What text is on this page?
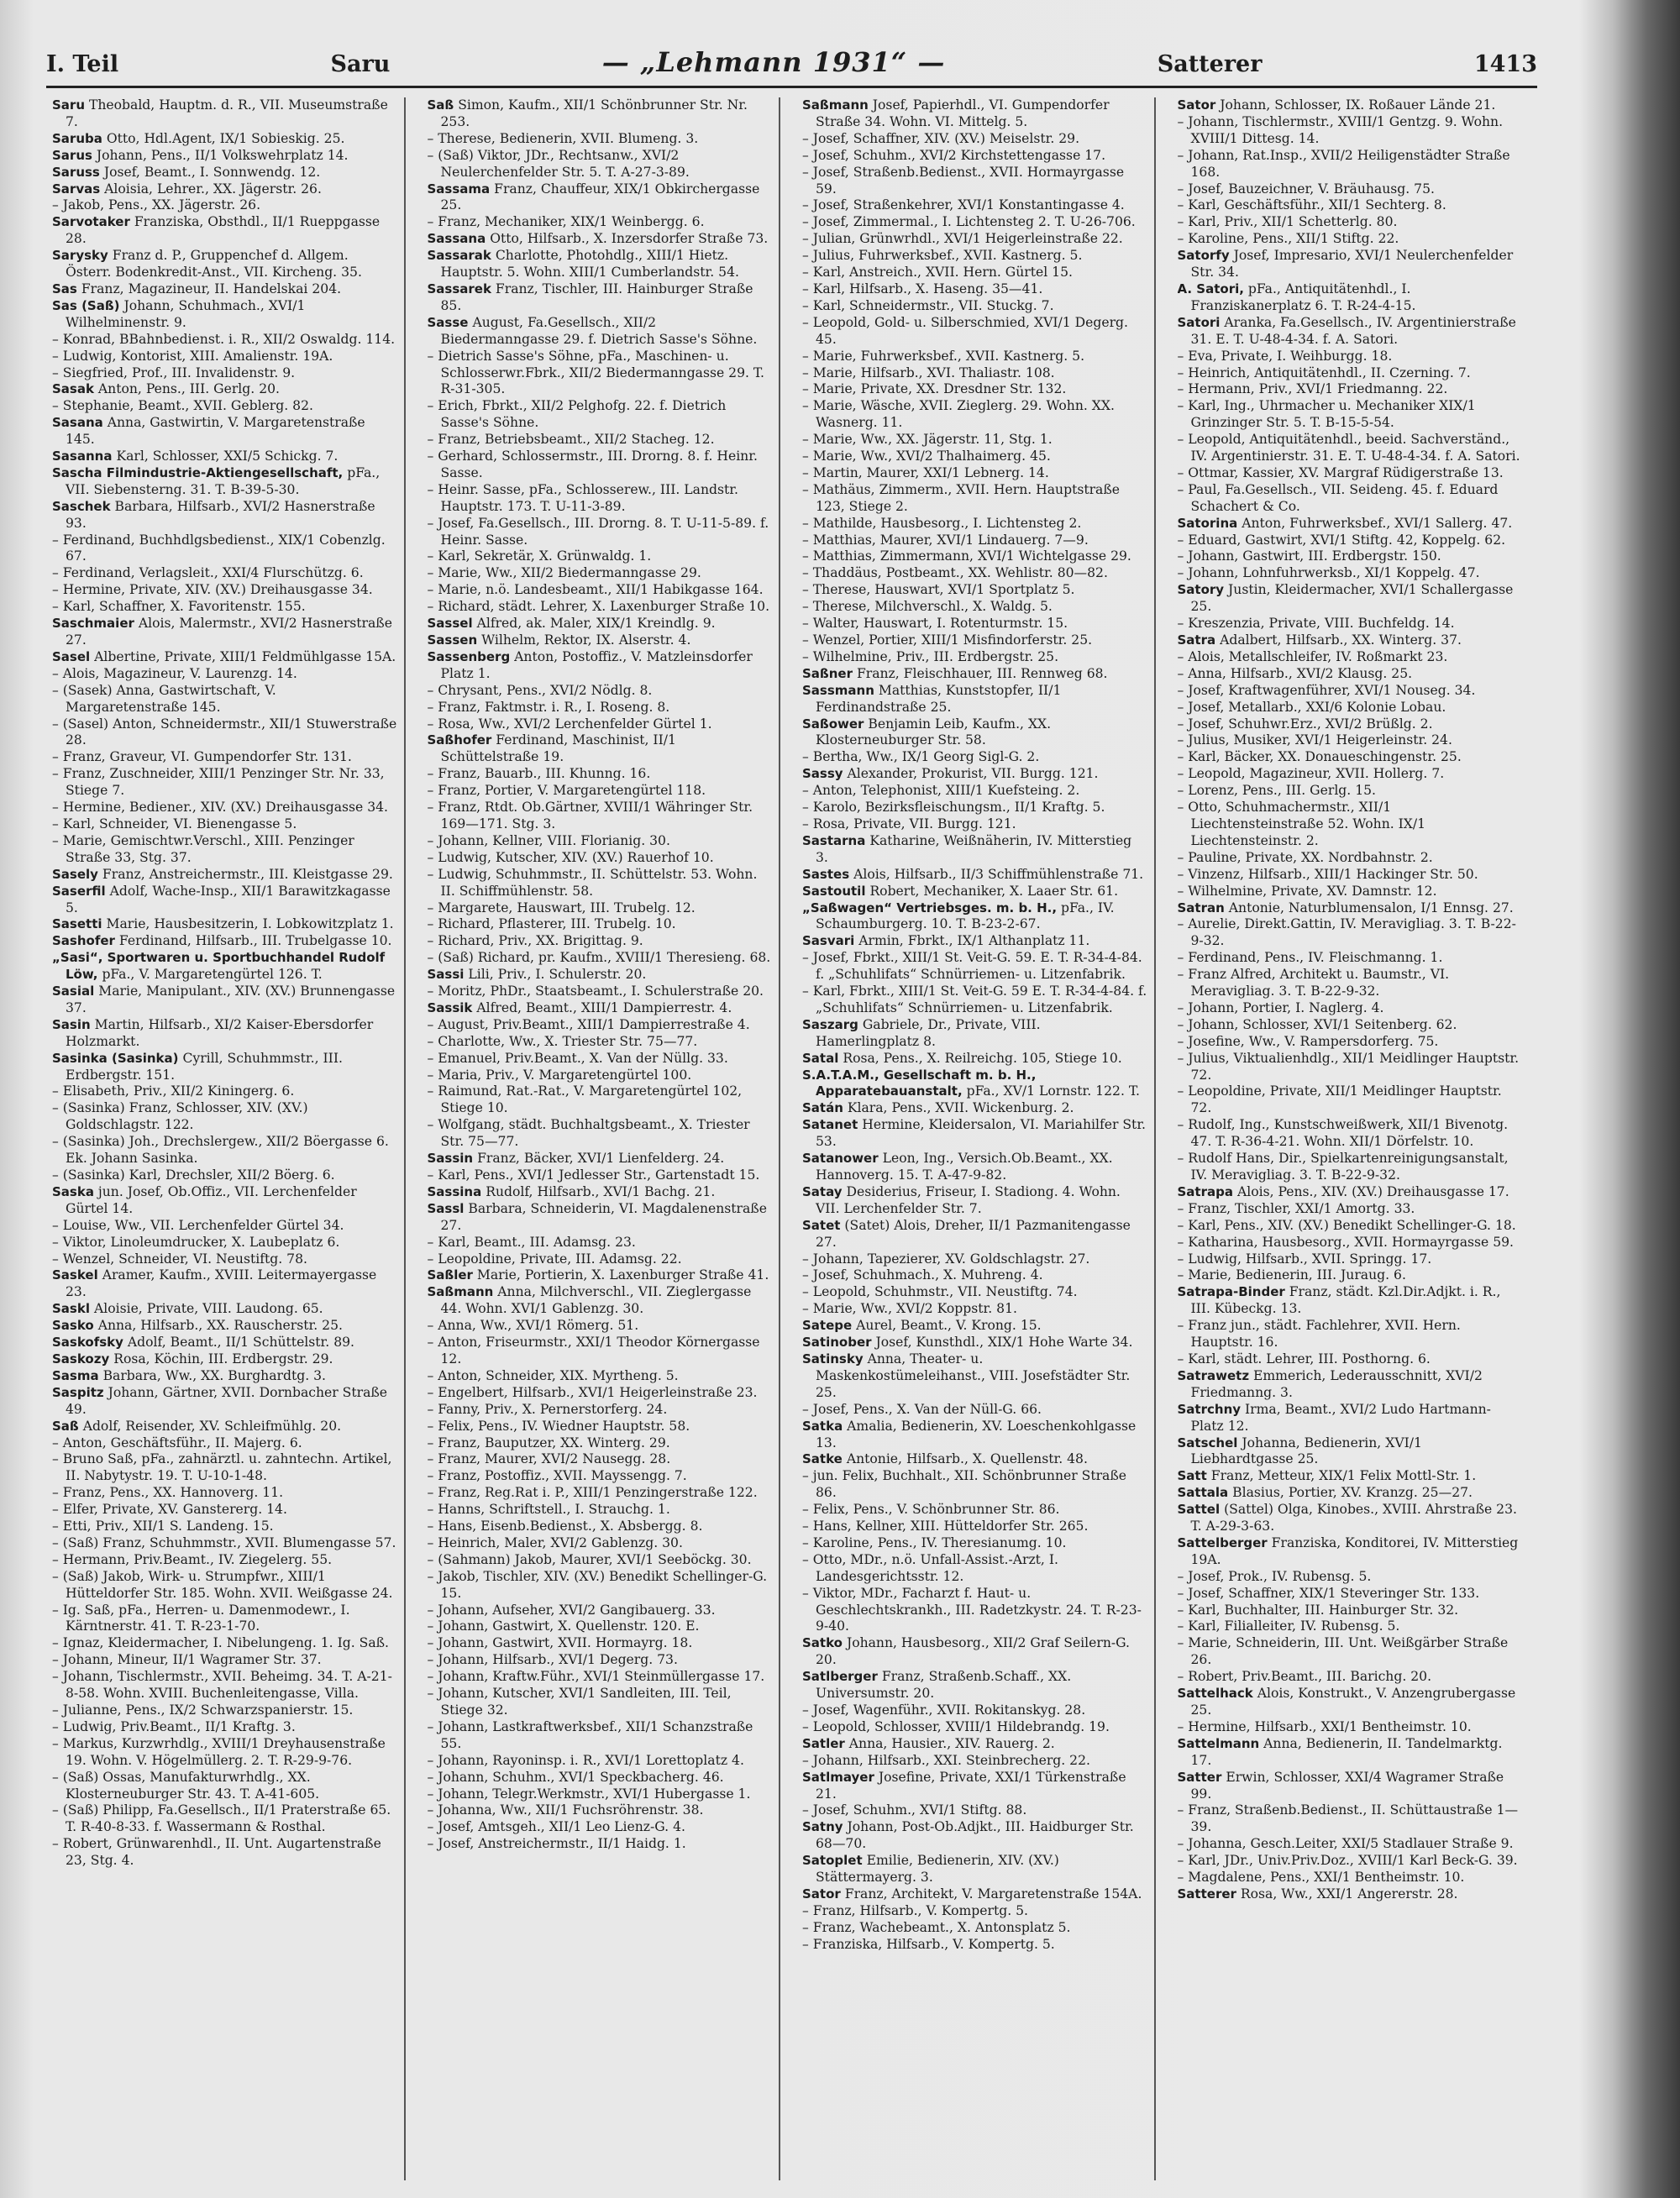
I. Teil	Saru	— „Lehmann 1931“ —	Satterer	1413

Saru Theobald, Hauptm. d. R., VII. Museumstraße 7.

Saruba Otto, Hdl.Agent, IX/1 Sobieskig. 25.

Sarus Johann, Pens., II/1 Volkswehrplatz 14.

Saruss Josef, Beamt., I. Sonnwendg. 12.

Sarvas Aloisia, Lehrer., XX. Jägerstr. 26.

– Jakob, Pens., XX. Jägerstr. 26.

Sarvotaker Franziska, Obsthdl., II/1 Rueppgasse 28.

Sarysky Franz d. P., Gruppenchef d. Allgem. Österr. Bodenkredit-Anst., VII. Kircheng. 35.

Sas Franz, Magazineur, II. Handelskai 204.

Sas (Saß) Johann, Schuhmach., XVI/1 Wilhelminenstr. 9.

– Konrad, BBahnbedienst. i. R., XII/2 Oswaldg. 114.

– Ludwig, Kontorist, XIII. Amalienstr. 19A.

– Siegfried, Prof., III. Invalidenstr. 9.

Sasak Anton, Pens., III. Gerlg. 20.

– Stephanie, Beamt., XVII. Geblerg. 82.

Sasana Anna, Gastwirtin, V. Margaretenstraße 145.

Sasanna Karl, Schlosser, XXI/5 Schickg. 7.

Sascha Filmindustrie-Aktiengesellschaft, pFa., VII. Siebensterng. 31. T. B-39-5-30.

Saschek Barbara, Hilfsarb., XVI/2 Hasnerstraße 93.

– Ferdinand, Buchhdlgsbedienst., XIX/1 Cobenzlg. 67.

– Ferdinand, Verlagsleit., XXI/4 Flurschützg. 6.

– Hermine, Private, XIV. (XV.) Dreihausgasse 34.

– Karl, Schaffner, X. Favoritenstr. 155.

Saschmaier Alois, Malermstr., XVI/2 Hasnerstraße 27.

Sasel Albertine, Private, XIII/1 Feldmühlgasse 15A.

– Alois, Magazineur, V. Laurenzg. 14.

– (Sasek) Anna, Gastwirtschaft, V. Margaretenstraße 145.

– (Sasel) Anton, Schneidermstr., XII/1 Stuwerstraße 28.

– Franz, Graveur, VI. Gumpendorfer Str. 131.

– Franz, Zuschneider, XIII/1 Penzinger Str. Nr. 33, Stiege 7.

– Hermine, Bediener., XIV. (XV.) Dreihausgasse 34.

– Karl, Schneider, VI. Bienengasse 5.

– Marie, Gemischtwr.Verschl., XIII. Penzinger Straße 33, Stg. 37.

Sasely Franz, Anstreichermstr., III. Kleistgasse 29.

Saserfil Adolf, Wache-Insp., XII/1 Barawitzkagasse 5.

Sasetti Marie, Hausbesitzerin, I. Lobkowitzplatz 1.

Sashofer Ferdinand, Hilfsarb., III. Trubelgasse 10.

„Sasi“, Sportwaren u. Sportbuchhandel Rudolf Löw, pFa., V. Margaretengürtel 126. T.

Sasial Marie, Manipulant., XIV. (XV.) Brunnengasse 37.

Sasin Martin, Hilfsarb., XI/2 Kaiser-Ebersdorfer Holzmarkt.

Sasinka (Sasinka) Cyrill, Schuhmmstr., III. Erdbergstr. 151.

– Elisabeth, Priv., XII/2 Kiningerg. 6.

– (Sasinka) Franz, Schlosser, XIV. (XV.) Goldschlagstr. 122.

– (Sasinka) Joh., Drechslergew., XII/2 Böergasse 6. Ek. Johann Sasinka.

– (Sasinka) Karl, Drechsler, XII/2 Böerg. 6.

Saska jun. Josef, Ob.Offiz., VII. Lerchenfelder Gürtel 14.

– Louise, Ww., VII. Lerchenfelder Gürtel 34.

– Viktor, Linoleumdrucker, X. Laubeplatz 6.

– Wenzel, Schneider, VI. Neustiftg. 78.

Saskel Aramer, Kaufm., XVIII. Leitermayergasse 23.

Saskl Aloisie, Private, VIII. Laudong. 65.

Sasko Anna, Hilfsarb., XX. Rauscherstr. 25.

Saskofsky Adolf, Beamt., II/1 Schüttelstr. 89.

Saskozy Rosa, Köchin, III. Erdbergstr. 29.

Sasma Barbara, Ww., XX. Burghardtg. 3.

Saspitz Johann, Gärtner, XVII. Dornbacher Straße 49.

Saß Adolf, Reisender, XV. Schleifmühlg. 20.

– Anton, Geschäftsführ., II. Majerg. 6.

– Bruno Saß, pFa., zahnärztl. u. zahntechn. Artikel, II. Nabytystr. 19. T. U-10-1-48.

– Franz, Pens., XX. Hannoverg. 11.

– Elfer, Private, XV. Ganstererg. 14.

– Etti, Priv., XII/1 S. Landeng. 15.

– (Saß) Franz, Schuhmmstr., XVII. Blumengasse 57.

– Hermann, Priv.Beamt., IV. Ziegelerg. 55.

– (Saß) Jakob, Wirk- u. Strumpfwr., XIII/1 Hütteldorfer Str. 185. Wohn. XVII. Weißgasse 24.

– Ig. Saß, pFa., Herren- u. Damenmodewr., I. Kärntnerstr. 41. T. R-23-1-70.

– Ignaz, Kleidermacher, I. Nibelungeng. 1. Ig. Saß.

– Johann, Mineur, II/1 Wagramer Str. 37.

– Johann, Tischlermstr., XVII. Beheimg. 34. T. A-21-8-58. Wohn. XVIII. Buchenleitengasse, Villa.

– Julianne, Pens., IX/2 Schwarzspanierstr. 15.

– Ludwig, Priv.Beamt., II/1 Kraftg. 3.

– Markus, Kurzwrhdlg., XVIII/1 Dreyhausenstraße 19. Wohn. V. Högelmüllerg. 2. T. R-29-9-76.

– (Saß) Ossas, Manufakturwrhdlg., XX. Klosterneuburger Str. 43. T. A-41-605.

– (Saß) Philipp, Fa.Gesellsch., II/1 Praterstraße 65. T. R-40-8-33. f. Wassermann & Rosthal.

– Robert, Grünwarenhdl., II. Unt. Augartenstraße 23, Stg. 4.

Saß Simon, Kaufm., XII/1 Schönbrunner Str. Nr. 253.

– Therese, Bedienerin, XVII. Blumeng. 3.

– (Saß) Viktor, JDr., Rechtsanw., XVI/2 Neulerchenfelder Str. 5. T. A-27-3-89.

Sassama Franz, Chauffeur, XIX/1 Obkirchergasse 25.

– Franz, Mechaniker, XIX/1 Weinbergg. 6.

Sassana Otto, Hilfsarb., X. Inzersdorfer Straße 73.

Sassarak Charlotte, Photohdlg., XIII/1 Hietz. Hauptstr. 5. Wohn. XIII/1 Cumberlandstr. 54.

Sassarek Franz, Tischler, III. Hainburger Straße 85.

Sasse August, Fa.Gesellsch., XII/2 Biedermanngasse 29. f. Dietrich Sasse's Söhne.

– Dietrich Sasse's Söhne, pFa., Maschinen- u. Schlosserwr.Fbrk., XII/2 Biedermanngasse 29. T. R-31-305.

– Erich, Fbrkt., XII/2 Pelghofg. 22. f. Dietrich Sasse's Söhne.

– Franz, Betriebsbeamt., XII/2 Stacheg. 12.

– Gerhard, Schlossermstr., III. Drorng. 8. f. Heinr. Sasse.

– Heinr. Sasse, pFa., Schlosserew., III. Landstr. Hauptstr. 173. T. U-11-3-89.

– Josef, Fa.Gesellsch., III. Drorng. 8. T. U-11-5-89. f. Heinr. Sasse.

– Karl, Sekretär, X. Grünwaldg. 1.

– Marie, Ww., XII/2 Biedermanngasse 29.

– Marie, n.ö. Landesbeamt., XII/1 Habikgasse 164.

– Richard, städt. Lehrer, X. Laxenburger Straße 10.

Sassel Alfred, ak. Maler, XIX/1 Kreindlg. 9.

Sassen Wilhelm, Rektor, IX. Alserstr. 4.

Sassenberg Anton, Postoffiz., V. Matzleinsdorfer Platz 1.

– Chrysant, Pens., XVI/2 Nödlg. 8.

– Franz, Faktmstr. i. R., I. Roseng. 8.

– Rosa, Ww., XVI/2 Lerchenfelder Gürtel 1.

Saßhofer Ferdinand, Maschinist, II/1 Schüttelstraße 19.

– Franz, Bauarb., III. Khunng. 16.

– Franz, Portier, V. Margaretengürtel 118.

– Franz, Rtdt. Ob.Gärtner, XVIII/1 Währinger Str. 169—171. Stg. 3.

– Johann, Kellner, VIII. Florianig. 30.

– Ludwig, Kutscher, XIV. (XV.) Rauerhof 10.

– Ludwig, Schuhmmstr., II. Schüttelstr. 53. Wohn. II. Schiffmühlenstr. 58.

– Margarete, Hauswart, III. Trubelg. 12.

– Richard, Pflasterer, III. Trubelg. 10.

– Richard, Priv., XX. Brigittag. 9.

– (Saß) Richard, pr. Kaufm., XVIII/1 Theresieng. 68.

Sassi Lili, Priv., I. Schulerstr. 20.

– Moritz, PhDr., Staatsbeamt., I. Schulerstraße 20.

Sassik Alfred, Beamt., XIII/1 Dampierrestr. 4.

– August, Priv.Beamt., XIII/1 Dampierrestraße 4.

– Charlotte, Ww., X. Triester Str. 75—77.

– Emanuel, Priv.Beamt., X. Van der Nüllg. 33.

– Maria, Priv., V. Margaretengürtel 100.

– Raimund, Rat.-Rat., V. Margaretengürtel 102, Stiege 10.

– Wolfgang, städt. Buchhaltgsbeamt., X. Triester Str. 75—77.

Sassin Franz, Bäcker, XVI/1 Lienfelderg. 24.

– Karl, Pens., XVI/1 Jedlesser Str., Gartenstadt 15.

Sassina Rudolf, Hilfsarb., XVI/1 Bachg. 21.

Sassl Barbara, Schneiderin, VI. Magdalenenstraße 27.

– Karl, Beamt., III. Adamsg. 23.

– Leopoldine, Private, III. Adamsg. 22.

Saßler Marie, Portierin, X. Laxenburger Straße 41.

Saßmann Anna, Milchverschl., VII. Zieglergasse 44. Wohn. XVI/1 Gablenzg. 30.

– Anna, Ww., XVI/1 Römerg. 51.

– Anton, Friseurmstr., XXI/1 Theodor Körnergasse 12.

– Anton, Schneider, XIX. Myrtheng. 5.

– Engelbert, Hilfsarb., XVI/1 Heigerleinstraße 23.

– Fanny, Priv., X. Pernerstorferg. 24.

– Felix, Pens., IV. Wiedner Hauptstr. 58.

– Franz, Bauputzer, XX. Winterg. 29.

– Franz, Maurer, XVI/2 Nausegg. 28.

– Franz, Postoffiz., XVII. Mayssengg. 7.

– Franz, Reg.Rat i. P., XIII/1 Penzingerstraße 122.

– Hanns, Schriftstell., I. Strauchg. 1.

– Hans, Eisenb.Bedienst., X. Absbergg. 8.

– Heinrich, Maler, XVI/2 Gablenzg. 30.

– (Sahmann) Jakob, Maurer, XVI/1 Seeböckg. 30.

– Jakob, Tischler, XIV. (XV.) Benedikt Schellinger-G. 15.

– Johann, Aufseher, XVI/2 Gangibauerg. 33.

– Johann, Gastwirt, X. Quellenstr. 120. E.

– Johann, Gastwirt, XVII. Hormayrg. 18.

– Johann, Hilfsarb., XVI/1 Degerg. 73.

– Johann, Kraftw.Führ., XVI/1 Steinmüllergasse 17.

– Johann, Kutscher, XVI/1 Sandleiten, III. Teil, Stiege 32.

– Johann, Lastkraftwerksbef., XII/1 Schanzstraße 55.

– Johann, Rayoninsp. i. R., XVI/1 Lorettoplatz 4.

– Johann, Schuhm., XVI/1 Speckbacherg. 46.

– Johann, Telegr.Werkmstr., XVI/1 Hubergasse 1.

– Johanna, Ww., XII/1 Fuchsröhrenstr. 38.

– Josef, Amtsgeh., XII/1 Leo Lienz-G. 4.

– Josef, Anstreichermstr., II/1 Haidg. 1.

Saßmann Josef, Papierhdl., VI. Gumpendorfer Straße 34. Wohn. VI. Mittelg. 5.

– Josef, Schaffner, XIV. (XV.) Meiselstr. 29.

– Josef, Schuhm., XVI/2 Kirchstettengasse 17.

– Josef, Straßenb.Bedienst., XVII. Hormayrgasse 59.

– Josef, Straßenkehrer, XVI/1 Konstantingasse 4.

– Josef, Zimmermal., I. Lichtensteg 2. T. U-26-706.

– Julian, Grünwrhdl., XVI/1 Heigerleinstraße 22.

– Julius, Fuhrwerksbef., XVII. Kastnerg. 5.

– Karl, Anstreich., XVII. Hern. Gürtel 15.

– Karl, Hilfsarb., X. Haseng. 35—41.

– Karl, Schneidermstr., VII. Stuckg. 7.

– Leopold, Gold- u. Silberschmied, XVI/1 Degerg. 45.

– Marie, Fuhrwerksbef., XVII. Kastnerg. 5.

– Marie, Hilfsarb., XVI. Thaliastr. 108.

– Marie, Private, XX. Dresdner Str. 132.

– Marie, Wäsche, XVII. Zieglerg. 29. Wohn. XX. Wasnerg. 11.

– Marie, Ww., XX. Jägerstr. 11, Stg. 1.

– Marie, Ww., XVI/2 Thalhaimerg. 45.

– Martin, Maurer, XXI/1 Lebnerg. 14.

– Mathäus, Zimmerm., XVII. Hern. Hauptstraße 123, Stiege 2.

– Mathilde, Hausbesorg., I. Lichtensteg 2.

– Matthias, Maurer, XVI/1 Lindauerg. 7—9.

– Matthias, Zimmermann, XVI/1 Wichtelgasse 29.

– Thaddäus, Postbeamt., XX. Wehlistr. 80—82.

– Therese, Hauswart, XVI/1 Sportplatz 5.

– Therese, Milchverschl., X. Waldg. 5.

– Walter, Hauswart, I. Rotenturmstr. 15.

– Wenzel, Portier, XIII/1 Misfindorferstr. 25.

– Wilhelmine, Priv., III. Erdbergstr. 25.

Saßner Franz, Fleischhauer, III. Rennweg 68.

Sassmann Matthias, Kunststopfer, II/1 Ferdinandstraße 25.

Saßower Benjamin Leib, Kaufm., XX. Klosterneuburger Str. 58.

– Bertha, Ww., IX/1 Georg Sigl-G. 2.

Sassy Alexander, Prokurist, VII. Burgg. 121.

– Anton, Telephonist, XIII/1 Kuefsteing. 2.

– Karolo, Bezirksfleischungsm., II/1 Kraftg. 5.

– Rosa, Private, VII. Burgg. 121.

Sastarna Katharine, Weißnäherin, IV. Mitterstieg 3.

Sastes Alois, Hilfsarb., II/3 Schiffmühlenstraße 71.

Sastoutil Robert, Mechaniker, X. Laaer Str. 61.

„Saßwagen“ Vertriebsges. m. b. H., pFa., IV. Schaumburgerg. 10. T. B-23-2-67.

Sasvari Armin, Fbrkt., IX/1 Althanplatz 11.

– Josef, Fbrkt., XIII/1 St. Veit-G. 59. E. T. R-34-4-84. f. „Schuhlifats“ Schnürriemen- u. Litzenfabrik.

– Karl, Fbrkt., XIII/1 St. Veit-G. 59 E. T. R-34-4-84. f. „Schuhlifats“ Schnürriemen- u. Litzenfabrik.

Saszarg Gabriele, Dr., Private, VIII. Hamerlingplatz 8.

Satal Rosa, Pens., X. Reilreichg. 105, Stiege 10.

S.A.T.A.M., Gesellschaft m. b. H., Apparatebauanstalt, pFa., XV/1 Lornstr. 122. T.

Satán Klara, Pens., XVII. Wickenburg. 2.

Satanet Hermine, Kleidersalon, VI. Mariahilfer Str. 53.

Satanower Leon, Ing., Versich.Ob.Beamt., XX. Hannoverg. 15. T. A-47-9-82.

Satay Desiderius, Friseur, I. Stadiong. 4. Wohn. VII. Lerchenfelder Str. 7.

Satet (Satet) Alois, Dreher, II/1 Pazmanitengasse 27.

– Johann, Tapezierer, XV. Goldschlagstr. 27.

– Josef, Schuhmach., X. Muhreng. 4.

– Leopold, Schuhmstr., VII. Neustiftg. 74.

– Marie, Ww., XVI/2 Koppstr. 81.

Satepe Aurel, Beamt., V. Krong. 15.

Satinober Josef, Kunsthdl., XIX/1 Hohe Warte 34.

Satinsky Anna, Theater- u. Maskenkostümeleihanst., VIII. Josefstädter Str. 25.

– Josef, Pens., X. Van der Nüll-G. 66.

Satka Amalia, Bedienerin, XV. Loeschenkohlgasse 13.

Satke Antonie, Hilfsarb., X. Quellenstr. 48.

– jun. Felix, Buchhalt., XII. Schönbrunner Straße 86.

– Felix, Pens., V. Schönbrunner Str. 86.

– Hans, Kellner, XIII. Hütteldorfer Str. 265.

– Karoline, Pens., IV. Theresianumg. 10.

– Otto, MDr., n.ö. Unfall-Assist.-Arzt, I. Landesgerichtsstr. 12.

– Viktor, MDr., Facharzt f. Haut- u. Geschlechtskrankh., III. Radetzkystr. 24. T. R-23-9-40.

Satko Johann, Hausbesorg., XII/2 Graf Seilern-G. 20.

Satlberger Franz, Straßenb.Schaff., XX. Universumstr. 20.

– Josef, Wagenführ., XVII. Rokitanskyg. 28.

– Leopold, Schlosser, XVIII/1 Hildebrandg. 19.

Satler Anna, Hausier., XIV. Rauerg. 2.

– Johann, Hilfsarb., XXI. Steinbrecherg. 22.

Satlmayer Josefine, Private, XXI/1 Türkenstraße 21.

– Josef, Schuhm., XVI/1 Stiftg. 88.

Satny Johann, Post-Ob.Adjkt., III. Haidburger Str. 68—70.

Satoplet Emilie, Bedienerin, XIV. (XV.) Stättermayerg. 3.

Sator Franz, Architekt, V. Margaretenstraße 154A.

– Franz, Hilfsarb., V. Kompertg. 5.

– Franz, Wachebeamt., X. Antonsplatz 5.

– Franziska, Hilfsarb., V. Kompertg. 5.

Sator Johann, Schlosser, IX. Roßauer Lände 21.

– Johann, Tischlermstr., XVIII/1 Gentzg. 9. Wohn. XVIII/1 Dittesg. 14.

– Johann, Rat.Insp., XVII/2 Heiligenstädter Straße 168.

– Josef, Bauzeichner, V. Bräuhausg. 75.

– Karl, Geschäftsführ., XII/1 Sechterg. 8.

– Karl, Priv., XII/1 Schetterlg. 80.

– Karoline, Pens., XII/1 Stiftg. 22.

Satorfy Josef, Impresario, XVI/1 Neulerchenfelder Str. 34.

A. Satori, pFa., Antiquitätenhdl., I. Franziskanerplatz 6. T. R-24-4-15.

Satori Aranka, Fa.Gesellsch., IV. Argentinierstraße 31. E. T. U-48-4-34. f. A. Satori.

– Eva, Private, I. Weihburgg. 18.

– Heinrich, Antiquitätenhdl., II. Czerning. 7.

– Hermann, Priv., XVI/1 Friedmanng. 22.

– Karl, Ing., Uhrmacher u. Mechaniker XIX/1 Grinzinger Str. 5. T. B-15-5-54.

– Leopold, Antiquitätenhdl., beeid. Sachverständ., IV. Argentinierstr. 31. E. T. U-48-4-34. f. A. Satori.

– Ottmar, Kassier, XV. Margraf Rüdigerstraße 13.

– Paul, Fa.Gesellsch., VII. Seideng. 45. f. Eduard Schachert & Co.

Satorina Anton, Fuhrwerksbef., XVI/1 Sallerg. 47.

– Eduard, Gastwirt, XVI/1 Stiftg. 42, Koppelg. 62.

– Johann, Gastwirt, III. Erdbergstr. 150.

– Johann, Lohnfuhrwerksb., XI/1 Koppelg. 47.

Satory Justin, Kleidermacher, XVI/1 Schallergasse 25.

– Kreszenzia, Private, VIII. Buchfeldg. 14.

Satra Adalbert, Hilfsarb., XX. Winterg. 37.

– Alois, Metallschleifer, IV. Roßmarkt 23.

– Anna, Hilfsarb., XVI/2 Klausg. 25.

– Josef, Kraftwagenführer, XVI/1 Nouseg. 34.

– Josef, Metallarb., XXI/6 Kolonie Lobau.

– Josef, Schuhwr.Erz., XVI/2 Brüßlg. 2.

– Julius, Musiker, XVI/1 Heigerleinstr. 24.

– Karl, Bäcker, XX. Donaueschingenstr. 25.

– Leopold, Magazineur, XVII. Hollerg. 7.

– Lorenz, Pens., III. Gerlg. 15.

– Otto, Schuhmachermstr., XII/1 Liechtensteinstraße 52. Wohn. IX/1 Liechtensteinstr. 2.

– Pauline, Private, XX. Nordbahnstr. 2.

– Vinzenz, Hilfsarb., XIII/1 Hackinger Str. 50.

– Wilhelmine, Private, XV. Damnstr. 12.

Satran Antonie, Naturblumensalon, I/1 Ennsg. 27.

– Aurelie, Direkt.Gattin, IV. Meravigliag. 3. T. B-22-9-32.

– Ferdinand, Pens., IV. Fleischmanng. 1.

– Franz Alfred, Architekt u. Baumstr., VI. Meravigliag. 3. T. B-22-9-32.

– Johann, Portier, I. Naglerg. 4.

– Johann, Schlosser, XVI/1 Seitenberg. 62.

– Josefine, Ww., V. Rampersdorferg. 75.

– Julius, Viktualienhdlg., XII/1 Meidlinger Hauptstr. 72.

– Leopoldine, Private, XII/1 Meidlinger Hauptstr. 72.

– Rudolf, Ing., Kunstschweißwerk, XII/1 Bivenotg. 47. T. R-36-4-21. Wohn. XII/1 Dörfelstr. 10.

– Rudolf Hans, Dir., Spielkartenreinigungsanstalt, IV. Meravigliag. 3. T. B-22-9-32.

Satrapa Alois, Pens., XIV. (XV.) Dreihausgasse 17.

– Franz, Tischler, XXI/1 Amortg. 33.

– Karl, Pens., XIV. (XV.) Benedikt Schellinger-G. 18.

– Katharina, Hausbesorg., XVII. Hormayrgasse 59.

– Ludwig, Hilfsarb., XVII. Springg. 17.

– Marie, Bedienerin, III. Juraug. 6.

Satrapa-Binder Franz, städt. Kzl.Dir.Adjkt. i. R., III. Kübeckg. 13.

– Franz jun., städt. Fachlehrer, XVII. Hern. Hauptstr. 16.

– Karl, städt. Lehrer, III. Posthorng. 6.

Satrawetz Emmerich, Lederausschnitt, XVI/2 Friedmanng. 3.

Satrchny Irma, Beamt., XVI/2 Ludo Hartmann-Platz 12.

Satschel Johanna, Bedienerin, XVI/1 Liebhardtgasse 25.

Satt Franz, Metteur, XIX/1 Felix Mottl-Str. 1.

Sattala Blasius, Portier, XV. Kranzg. 25—27.

Sattel (Sattel) Olga, Kinobes., XVIII. Ahrstraße 23. T. A-29-3-63.

Sattelberger Franziska, Konditorei, IV. Mitterstieg 19A.

– Josef, Prok., IV. Rubensg. 5.

– Josef, Schaffner, XIX/1 Steveringer Str. 133.

– Karl, Buchhalter, III. Hainburger Str. 32.

– Karl, Filialleiter, IV. Rubensg. 5.

– Marie, Schneiderin, III. Unt. Weißgärber Straße 26.

– Robert, Priv.Beamt., III. Barichg. 20.

Sattelhack Alois, Konstrukt., V. Anzengrubergasse 25.

– Hermine, Hilfsarb., XXI/1 Bentheimstr. 10.

Sattelmann Anna, Bedienerin, II. Tandelmarktg. 17.

Satter Erwin, Schlosser, XXI/4 Wagramer Straße 99.

– Franz, Straßenb.Bedienst., II. Schüttaustraße 1—39.

– Johanna, Gesch.Leiter, XXI/5 Stadlauer Straße 9.

– Karl, JDr., Univ.Priv.Doz., XVIII/1 Karl Beck-G. 39.

– Magdalene, Pens., XXI/1 Bentheimstr. 10.

Satterer Rosa, Ww., XXI/1 Angererstr. 28.
